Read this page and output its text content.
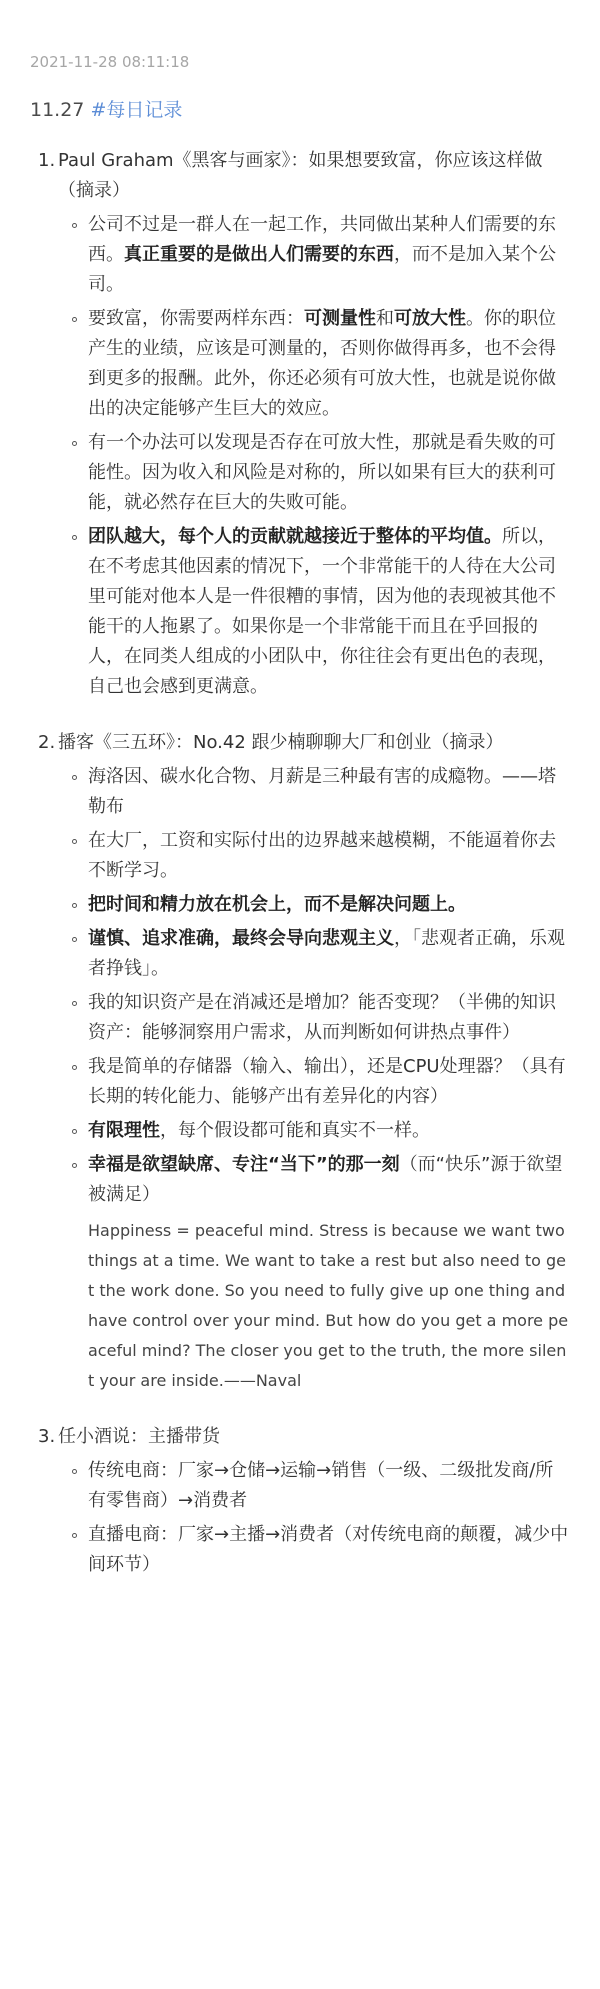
2021-11-28 08:11:18

11.27 #每日记录
1. Paul Graham《黑客与画家》：如果想要致富，你应该这样做（摘录）

公司不过是一群人在一起工作，共同做出某种人们需要的东西。真正重要的是做出人们需要的东西，而不是加入某个公司。
要致富，你需要两样东西：可测量性和可放大性。你的职位产生的业绩，应该是可测量的，否则你做得再多，也不会得到更多的报酬。此外，你还必须有可放大性，也就是说你做出的决定能够产生巨大的效应。
有一个办法可以发现是否存在可放大性，那就是看失败的可能性。因为收入和风险是对称的，所以如果有巨大的获利可能，就必然存在巨大的失败可能。
团队越大，每个人的贡献就越接近于整体的平均值。所以，在不考虑其他因素的情况下，一个非常能干的人待在大公司里可能对他本人是一件很糟的事情，因为他的表现被其他不能干的人拖累了。如果你是一个非常能干而且在乎回报的人，在同类人组成的小团队中，你往往会有更出色的表现，自己也会感到更满意。
2. 播客《三五环》：No.42 跟少楠聊聊大厂和创业（摘录）

海洛因、碳水化合物、月薪是三种最有害的成瘾物。——塔勒布
在大厂，工资和实际付出的边界越来越模糊，不能逼着你去不断学习。
把时间和精力放在机会上，而不是解决问题上。
谨慎、追求准确，最终会导向悲观主义，「悲观者正确，乐观者挣钱」。
我的知识资产是在消减还是增加？能否变现？（半佛的知识资产：能够洞察用户需求，从而判断如何讲热点事件）
我是简单的存储器（输入、输出），还是CPU处理器？（具有长期的转化能力、能够产出有差异化的内容）
有限理性，每个假设都可能和真实不一样。
幸福是欲望缺席、专注“当下”的那一刻（而“快乐”源于欲望被满足）
Happiness = peaceful mind. Stress is because we want two things at a time. We want to take a rest but also need to get the work done. So you need to fully give up one thing and have control over your mind. But how do you get a more peaceful mind? The closer you get to the truth, the more silent your are inside.——Naval
3. 任小酒说：主播带货

传统电商：厂家→仓储→运输→销售（一级、二级批发商/所有零售商）→消费者
直播电商：厂家→主播→消费者（对传统电商的颠覆，减少中间环节）
